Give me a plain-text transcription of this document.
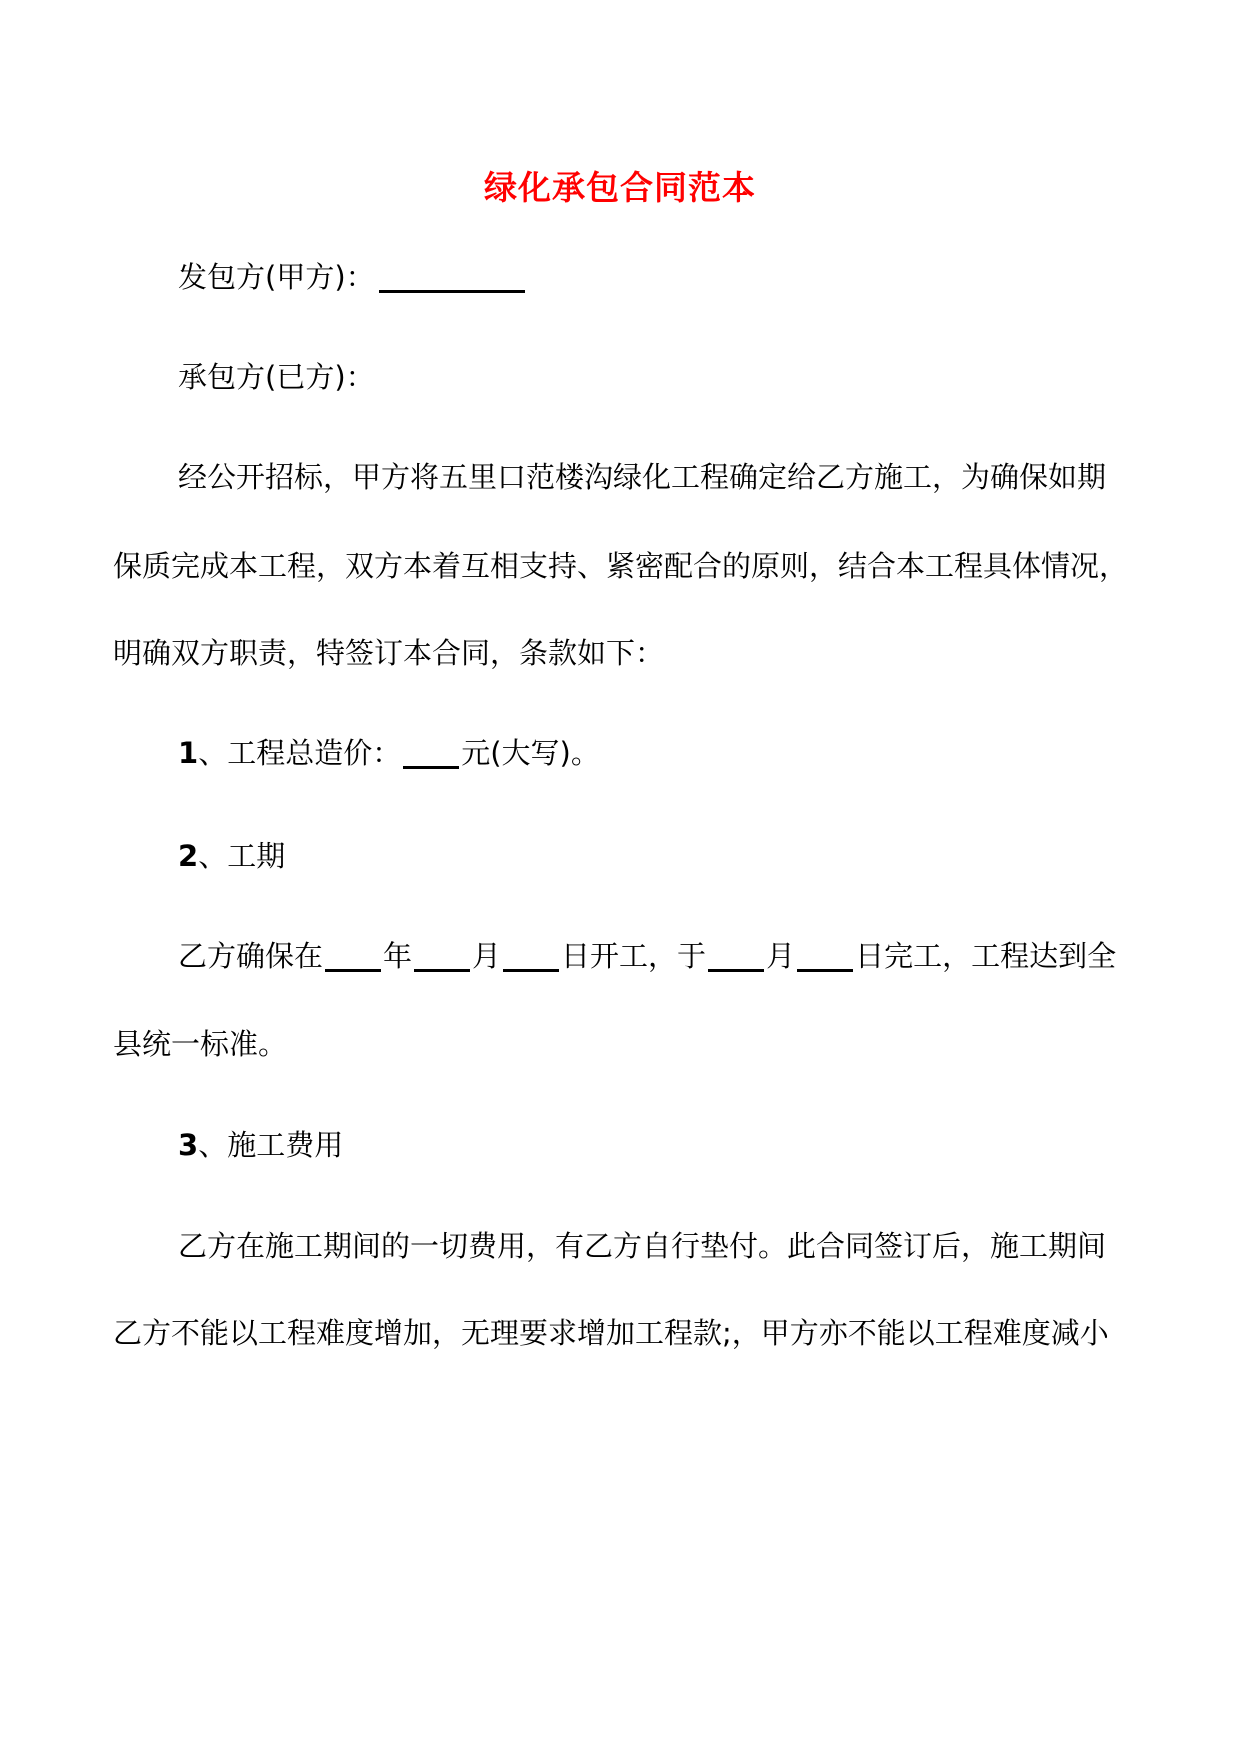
绿化承包合同范本
发包方(甲方)：
承包方(已方)：
经公开招标，甲方将五里口范楼沟绿化工程确定给乙方施工，为确保如期
保质完成本工程，双方本着互相支持、紧密配合的原则，结合本工程具体情况，
明确双方职责，特签订本合同，条款如下：
1、工程总造价： 元(大写)。
2、工期
乙方确保在 年 月 日开工，于 月 日完工，工程达到全
县统一标准。
3、施工费用
乙方在施工期间的一切费用，有乙方自行垫付。此合同签订后，施工期间
乙方不能以工程难度增加，无理要求增加工程款;，甲方亦不能以工程难度减小
